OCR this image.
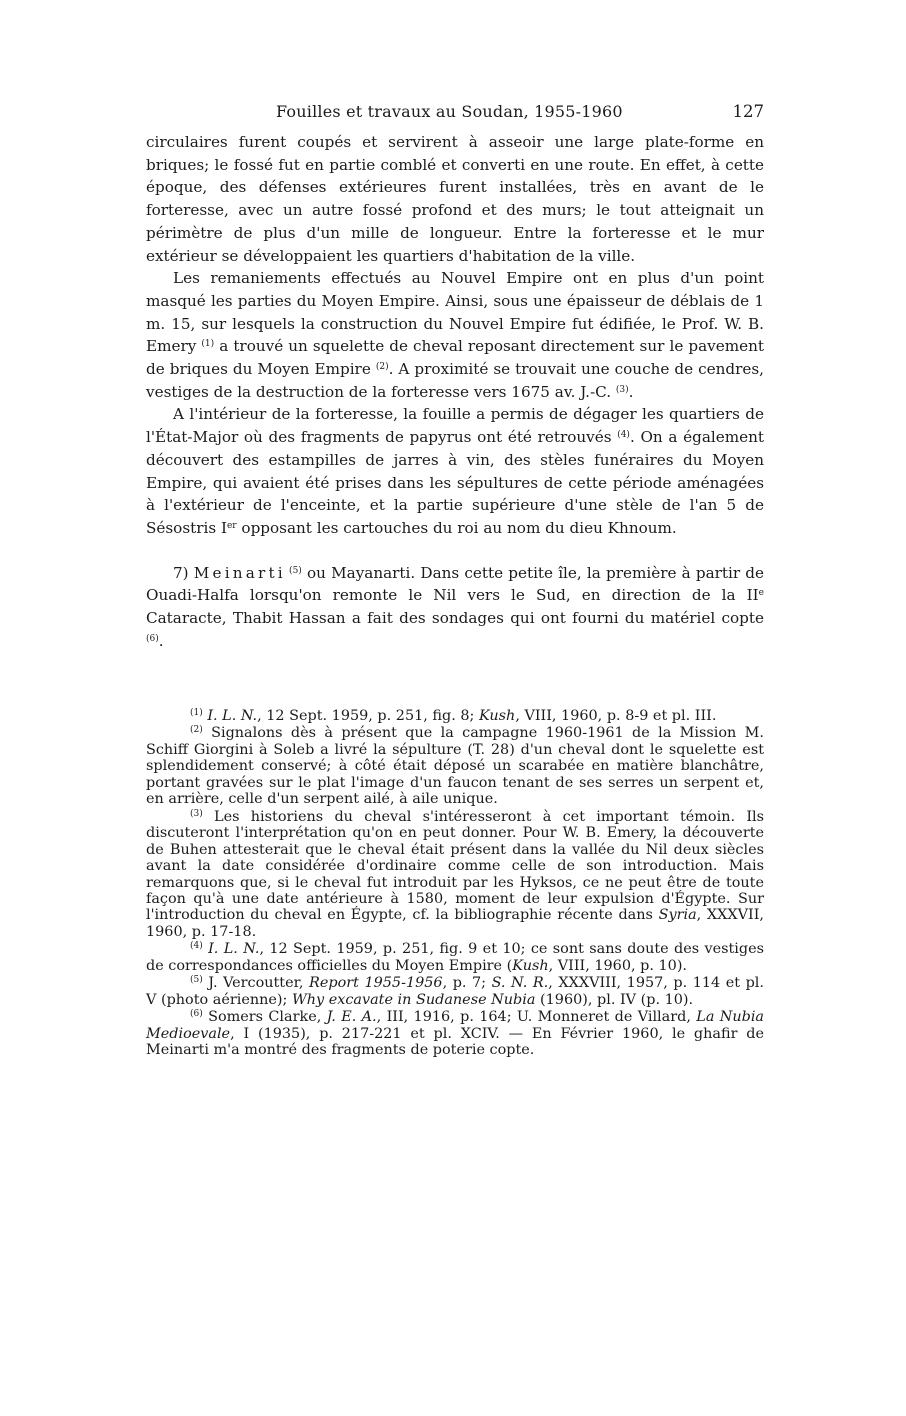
Fouilles et travaux au Soudan, 1955-1960	127

circulaires furent coupés et servirent à asseoir une large plate-forme en briques; le fossé fut en partie comblé et converti en une route. En effet, à cette époque, des défenses extérieures furent installées, très en avant de le forteresse, avec un autre fossé profond et des murs; le tout atteignait un périmètre de plus d'un mille de longueur. Entre la forteresse et le mur extérieur se développaient les quartiers d'habitation de la ville.

Les remaniements effectués au Nouvel Empire ont en plus d'un point masqué les parties du Moyen Empire. Ainsi, sous une épaisseur de déblais de 1 m. 15, sur lesquels la construction du Nouvel Empire fut édifiée, le Prof. W. B. Emery $^{(1)}$ a trouvé un squelette de cheval reposant directement sur le pavement de briques du Moyen Empire $^{(2)}$. A proximité se trouvait une couche de cendres, vestiges de la destruction de la forteresse vers 1675 av. J.-C. $^{(3)}$.

A l'intérieur de la forteresse, la fouille a permis de dégager les quartiers de l'État-Major où des fragments de papyrus ont été retrouvés $^{(4)}$. On a également découvert des estampilles de jarres à vin, des stèles funéraires du Moyen Empire, qui avaient été prises dans les sépultures de cette période aménagées à l'extérieur de l'enceinte, et la partie supérieure d'une stèle de l'an 5 de Sésostris Ier opposant les cartouches du roi au nom du dieu Khnoum.

7) Meinarti $^{(5)}$ ou Mayanarti. Dans cette petite île, la première à partir de Ouadi-Halfa lorsqu'on remonte le Nil vers le Sud, en direction de la IIe Cataracte, Thabit Hassan a fait des sondages qui ont fourni du matériel copte $^{(6)}$.

$^{(1)}$ I. L. N., 12 Sept. 1959, p. 251, fig. 8; Kush, VIII, 1960, p. 8-9 et pl. III.

$^{(2)}$ Signalons dès à présent que la campagne 1960-1961 de la Mission M. Schiff Giorgini à Soleb a livré la sépulture (T. 28) d'un cheval dont le squelette est splendidement conservé; à côté était déposé un scarabée en matière blanchâtre, portant gravées sur le plat l'image d'un faucon tenant de ses serres un serpent et, en arrière, celle d'un serpent ailé, à aile unique.

$^{(3)}$ Les historiens du cheval s'intéresseront à cet important témoin. Ils discuteront l'interprétation qu'on en peut donner. Pour W. B. Emery, la découverte de Buhen attesterait que le cheval était présent dans la vallée du Nil deux siècles avant la date considérée d'ordinaire comme celle de son introduction. Mais remarquons que, si le cheval fut introduit par les Hyksos, ce ne peut être de toute façon qu'à une date antérieure à 1580, moment de leur expulsion d'Égypte. Sur l'introduction du cheval en Égypte, cf. la bibliographie récente dans Syria, XXXVII, 1960, p. 17-18.

$^{(4)}$ I. L. N., 12 Sept. 1959, p. 251, fig. 9 et 10; ce sont sans doute des vestiges de correspondances officielles du Moyen Empire (Kush, VIII, 1960, p. 10).

$^{(5)}$ J. Vercoutter, Report 1955-1956, p. 7; S. N. R., XXXVIII, 1957, p. 114 et pl. V (photo aérienne); Why excavate in Sudanese Nubia (1960), pl. IV (p. 10).

$^{(6)}$ Somers Clarke, J. E. A., III, 1916, p. 164; U. Monneret de Villard, La Nubia Medioevale, I (1935), p. 217-221 et pl. XCIV. — En Février 1960, le ghafir de Meinarti m'a montré des fragments de poterie copte.
